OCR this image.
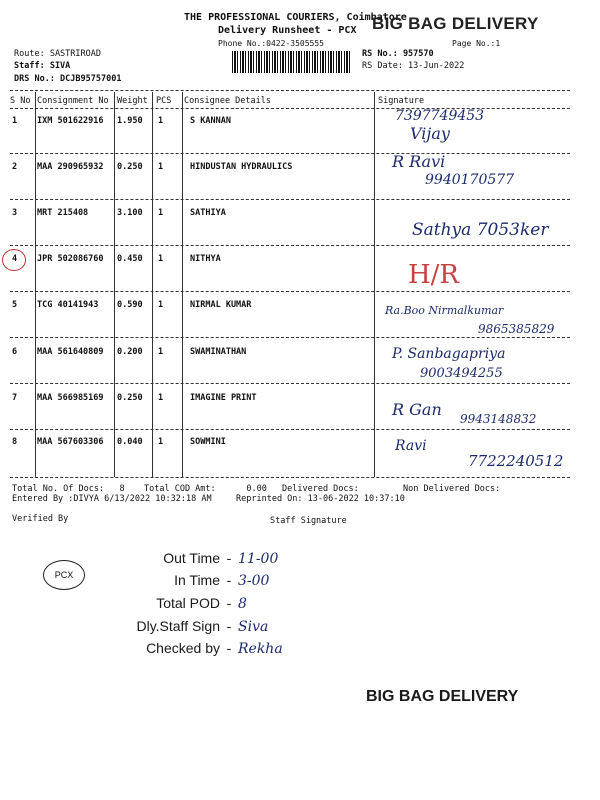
THE PROFESSIONAL COURIERS, Coimbatore
Delivery Runsheet - PCX BIG BAG DELIVERY
Phone No.:0422-3505555	Page No.:1
Route: SASTRIROAD
Staff: SIVA
DRS No.: DCJB95757001
RS No.: 957570
RS Date: 13-Jun-2022
S No Consignment No Weight PCS Consignee Details	Signature
1 IXM 501622916 1.950 1	S KANNAN	7397749453
Vijay
2 MAA 290965932 0.250 1	HINDUSTAN HYDRAULICS	R Ravi
9940170577
3 MRT 215408	3.100 1	SATHIYA
Sathya 7053ker
4 JPR 502086760 0.450 1	NITHYA
H/R
5 TCG 40141943 0.590 1	NIRMAL KUMAR	Ra.Boo Nirmalkumar
9865385829
6 MAA 561640809 0.200 1	SWAMINATHAN	P. Sanbagapriya
9003494255
7 MAA 566985169 0.250 1	IMAGINE PRINT
R Gan 9943148832
8 MAA 567603306 0.040 1	SOWMINI	Ravi
7722240512
Total No. Of Docs:   8 Total COD Amt:      0.00 Delivered Docs:	Non Delivered Docs:
Entered By :DIVYA 6/13/2022 10:32:18 AM	Reprinted On: 13-06-2022 10:37:10
Verified By	Staff Signature
PCX
Out Time - 11-00
In Time - 3-00
Total POD - 8
Dly.Staff Sign - Siva
Checked by - Rekha
BIG BAG DELIVERY
